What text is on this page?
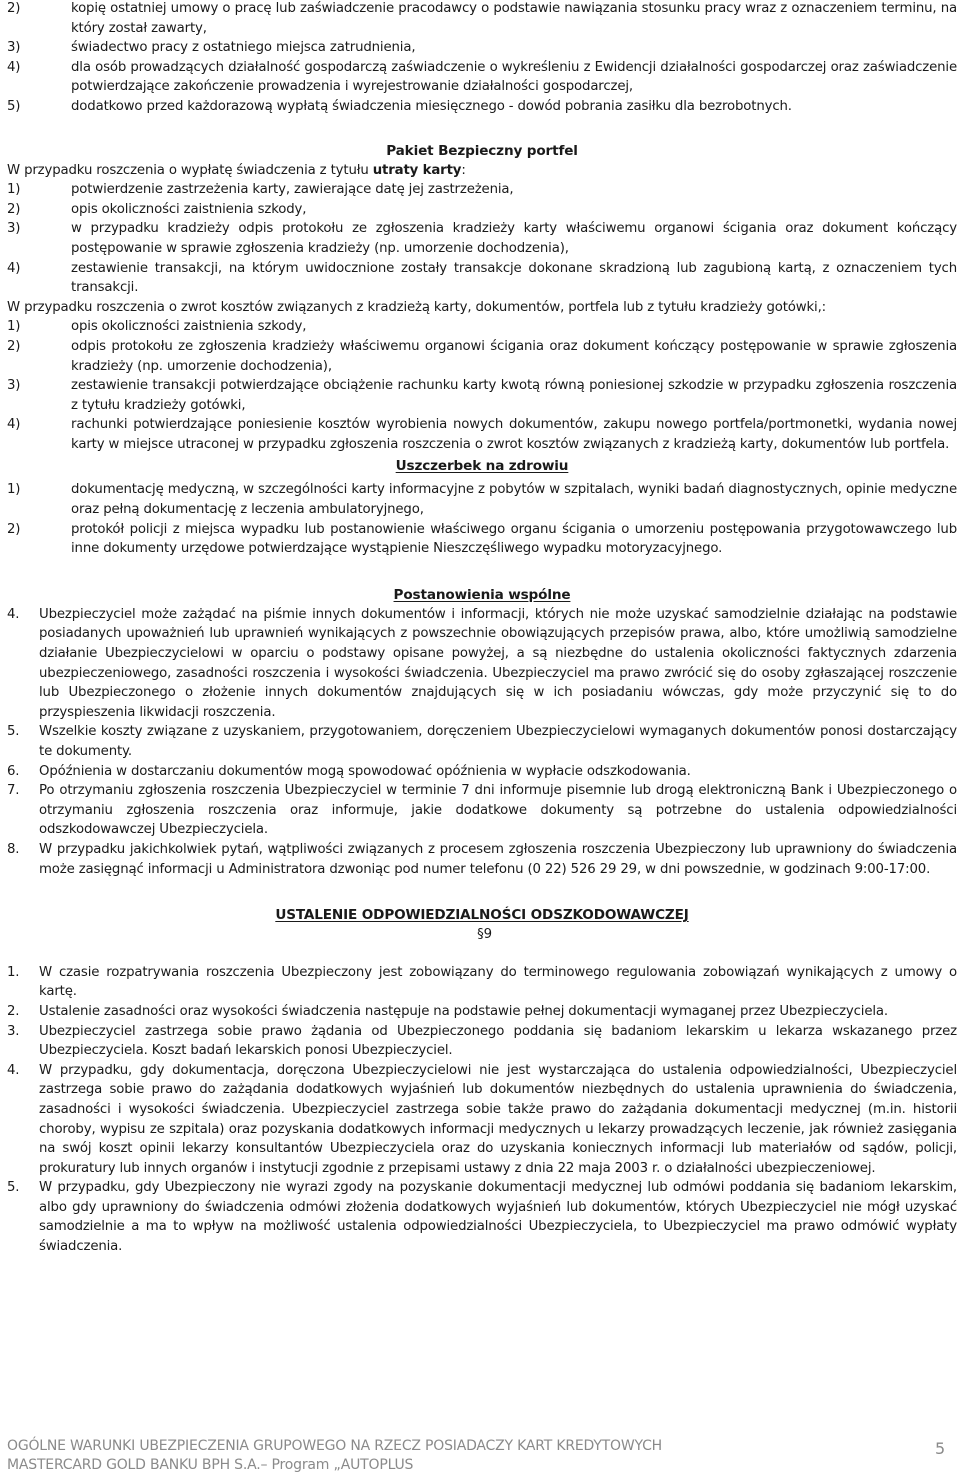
2)	kopię ostatniej umowy o pracę lub zaświadczenie pracodawcy o podstawie nawiązania stosunku pracy wraz z oznaczeniem terminu, na który został zawarty,
3)	świadectwo pracy z ostatniego miejsca zatrudnienia,
4)	dla osób prowadzących działalność gospodarczą zaświadczenie o wykreśleniu z Ewidencji działalności gospodarczej oraz zaświadczenie potwierdzające zakończenie prowadzenia i wyrejestrowanie działalności gospodarczej,
5)	dodatkowo przed każdorazową wypłatą świadczenia miesięcznego - dowód pobrania zasiłku dla bezrobotnych.
Pakiet Bezpieczny portfel
W przypadku roszczenia o wypłatę świadczenia z tytułu utraty karty:
1)	potwierdzenie zastrzeżenia karty, zawierające datę jej zastrzeżenia,
2)	opis okoliczności zaistnienia szkody,
3)	w przypadku kradzieży odpis protokołu ze zgłoszenia kradzieży karty właściwemu organowi ścigania oraz dokument kończący postępowanie w sprawie zgłoszenia kradzieży (np. umorzenie dochodzenia),
4)	zestawienie transakcji, na którym uwidocznione zostały transakcje dokonane skradzioną lub zagubioną kartą, z oznaczeniem tych transakcji.
W przypadku roszczenia o zwrot kosztów związanych z kradzieżą karty, dokumentów, portfela lub z tytułu kradzieży gotówki,:
1)	opis okoliczności zaistnienia szkody,
2)	odpis protokołu ze zgłoszenia kradzieży właściwemu organowi ścigania oraz dokument kończący postępowanie w sprawie zgłoszenia kradzieży (np. umorzenie dochodzenia),
3)	zestawienie transakcji potwierdzające obciążenie rachunku karty kwotą równą poniesionej szkodzie w przypadku zgłoszenia roszczenia z tytułu kradzieży gotówki,
4)	rachunki potwierdzające poniesienie kosztów wyrobienia nowych dokumentów, zakupu nowego portfela/portmonetki, wydania nowej karty w miejsce utraconej w przypadku zgłoszenia roszczenia o zwrot kosztów związanych z kradzieżą karty, dokumentów lub portfela.
Uszczerbek na zdrowiu
1)	dokumentację medyczną, w szczególności karty informacyjne z pobytów w szpitalach, wyniki badań diagnostycznych, opinie medyczne oraz pełną dokumentację z leczenia ambulatoryjnego,
2)	protokół policji z miejsca wypadku lub postanowienie właściwego organu ścigania o umorzeniu postępowania przygotowawczego lub inne dokumenty urzędowe potwierdzające wystąpienie Nieszczęśliwego wypadku motoryzacyjnego.
Postanowienia wspólne
4. Ubezpieczyciel może zażądać na piśmie innych dokumentów i informacji, których nie może uzyskać samodzielnie działając na podstawie posiadanych upoważnień lub uprawnień wynikających z powszechnie obowiązujących przepisów prawa, albo, które umożliwią samodzielne działanie Ubezpieczycielowi w oparciu o podstawy opisane powyżej, a są niezbędne do ustalenia okoliczności faktycznych zdarzenia ubezpieczeniowego, zasadności roszczenia i wysokości świadczenia. Ubezpieczyciel ma prawo zwrócić się do osoby zgłaszającej roszczenie lub Ubezpieczonego o złożenie innych dokumentów znajdujących się w ich posiadaniu wówczas, gdy może przyczynić się to do przyspieszenia likwidacji roszczenia.
5. Wszelkie koszty związane z uzyskaniem, przygotowaniem, doręczeniem Ubezpieczycielowi wymaganych dokumentów ponosi dostarczający te dokumenty.
6. Opóźnienia w dostarczaniu dokumentów mogą spowodować opóźnienia w wypłacie odszkodowania.
7. Po otrzymaniu zgłoszenia roszczenia Ubezpieczyciel w terminie 7 dni informuje pisemnie lub drogą elektroniczną Bank i Ubezpieczonego o otrzymaniu zgłoszenia roszczenia oraz informuje, jakie dodatkowe dokumenty są potrzebne do ustalenia odpowiedzialności odszkodowawczej Ubezpieczyciela.
8. W przypadku jakichkolwiek pytań, wątpliwości związanych z procesem zgłoszenia roszczenia Ubezpieczony lub uprawniony do świadczenia może zasięgnąć informacji u Administratora dzwoniąc pod numer telefonu (0 22) 526 29 29, w dni powszednie, w godzinach 9:00-17:00.
USTALENIE ODPOWIEDZIALNOŚCI ODSZKODOWAWCZEJ
§9
1. W czasie rozpatrywania roszczenia Ubezpieczony jest zobowiązany do terminowego regulowania zobowiązań wynikających z umowy o kartę.
2. Ustalenie zasadności oraz wysokości świadczenia następuje na podstawie pełnej dokumentacji wymaganej przez Ubezpieczyciela.
3. Ubezpieczyciel zastrzega sobie prawo żądania od Ubezpieczonego poddania się badaniom lekarskim u lekarza wskazanego przez Ubezpieczyciela. Koszt badań lekarskich ponosi Ubezpieczyciel.
4. W przypadku, gdy dokumentacja, doręczona Ubezpieczycielowi nie jest wystarczająca do ustalenia odpowiedzialności, Ubezpieczyciel zastrzega sobie prawo do zażądania dodatkowych wyjaśnień lub dokumentów niezbędnych do ustalenia uprawnienia do świadczenia, zasadności i wysokości świadczenia. Ubezpieczyciel zastrzega sobie także prawo do zażądania dokumentacji medycznej (m.in. historii choroby, wypisu ze szpitala) oraz pozyskania dodatkowych informacji medycznych u lekarzy prowadzących leczenie, jak również zasięgania na swój koszt opinii lekarzy konsultantów Ubezpieczyciela oraz do uzyskania koniecznych informacji lub materiałów od sądów, policji, prokuratury lub innych organów i instytucji zgodnie z przepisami ustawy z dnia 22 maja 2003 r. o działalności ubezpieczeniowej.
5. W przypadku, gdy Ubezpieczony nie wyrazi zgody na pozyskanie dokumentacji medycznej lub odmówi poddania się badaniom lekarskim, albo gdy uprawniony do świadczenia odmówi złożenia dodatkowych wyjaśnień lub dokumentów, których Ubezpieczyciel nie mógł uzyskać samodzielnie a ma to wpływ na możliwość ustalenia odpowiedzialności Ubezpieczyciela, to Ubezpieczyciel ma prawo odmówić wypłaty świadczenia.
OGÓLNE WARUNKI UBEZPIECZENIA GRUPOWEGO NA RZECZ POSIADACZY KART KREDYTOWYCH
MASTERCARD GOLD BANKU BPH S.A.– Program „AUTOPLUS
5
